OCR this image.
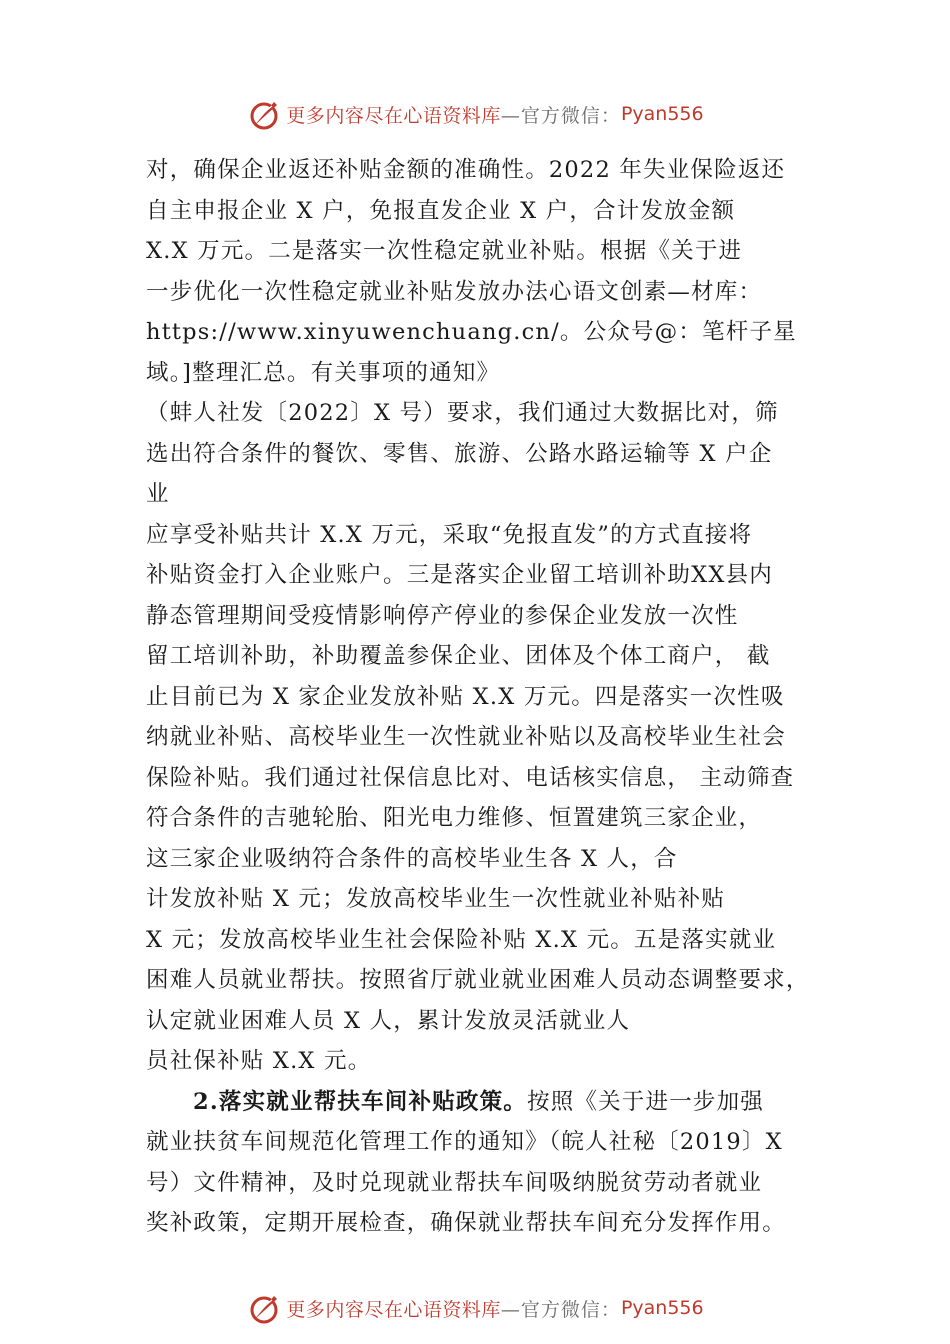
更多内容尽在心语资料库 —官方微信： Pyan556
对，确保企业返还补贴金额的准确性。2022 年失业保险返还
自主申报企业 X 户，免报直发企业 X 户，合计发放金额
X.X 万元。二是落实一次性稳定就业补贴。根据《关于进
一步优化一次性稳定就业补贴发放办法心语文创素—材库：
https://www.xinyuwenchuang.cn/。公众号@：笔杆子星
域。]整理汇总。有关事项的通知》
（蚌人社发〔2022〕X 号）要求，我们通过大数据比对，筛
选出符合条件的餐饮、零售、旅游、公路水路运输等 X 户企
业
应享受补贴共计 X.X 万元，采取“免报直发”的方式直接将
补贴资金打入企业账户。三是落实企业留工培训补助XX县内
静态管理期间受疫情影响停产停业的参保企业发放一次性
留工培训补助，补助覆盖参保企业、团体及个体工商户， 截
止目前已为 X 家企业发放补贴 X.X 万元。四是落实一次性吸
纳就业补贴、高校毕业生一次性就业补贴以及高校毕业生社会
保险补贴。我们通过社保信息比对、电话核实信息， 主动筛查
符合条件的吉驰轮胎、阳光电力维修、恒置建筑三家企业，
这三家企业吸纳符合条件的高校毕业生各 X 人，合
计发放补贴 X 元；发放高校毕业生一次性就业补贴补贴
X 元；发放高校毕业生社会保险补贴 X.X 元。五是落实就业
困难人员就业帮扶。按照省厅就业就业困难人员动态调整要求，
认定就业困难人员 X 人，累计发放灵活就业人
员社保补贴 X.X 元。
2.落实就业帮扶车间补贴政策。按照《关于进一步加强
就业扶贫车间规范化管理工作的通知》（皖人社秘〔2019〕X
号）文件精神，及时兑现就业帮扶车间吸纳脱贫劳动者就业
奖补政策，定期开展检查，确保就业帮扶车间充分发挥作用。
更多内容尽在心语资料库 —官方微信： Pyan556
